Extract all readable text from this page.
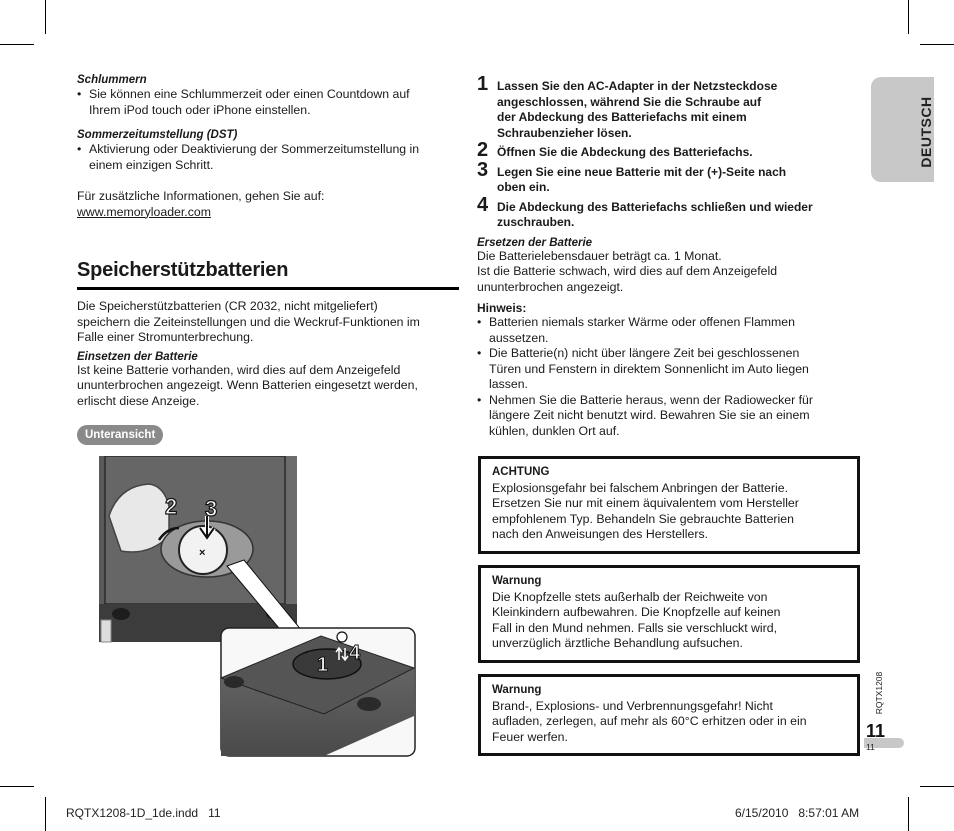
Schlummern
• Sie können eine Schlummerzeit oder einen Countdown auf
Ihrem iPod touch oder iPhone einstellen.
Sommerzeitumstellung (DST)
• Aktivierung oder Deaktivierung der Sommerzeitumstellung in
einem einzigen Schritt.
Für zusätzliche Informationen, gehen Sie auf:
www.memoryloader.com
Speicherstützbatterien
Die Speicherstützbatterien (CR 2032, nicht mitgeliefert)
speichern die Zeiteinstellungen und die Weckruf-Funktionen im
Falle einer Stromunterbrechung.
Einsetzen der Batterie
Ist keine Batterie vorhanden, wird dies auf dem Anzeigefeld
ununterbrochen angezeigt. Wenn Batterien eingesetzt werden,
erlischt diese Anzeige.
Unteransicht
×
2 3
1
4
1 Lassen Sie den AC-Adapter in der Netzsteckdose
angeschlossen, während Sie die Schraube auf
der Abdeckung des Batteriefachs mit einem
Schraubenzieher lösen.
2 Öffnen Sie die Abdeckung des Batteriefachs.
3 Legen Sie eine neue Batterie mit der (+)-Seite nach
oben ein.
4 Die Abdeckung des Batteriefachs schließen und wieder
zuschrauben.
Ersetzen der Batterie
Die Batterielebensdauer beträgt ca. 1 Monat.
Ist die Batterie schwach, wird dies auf dem Anzeigefeld
ununterbrochen angezeigt.
Hinweis:
• Batterien niemals starker Wärme oder offenen Flammen
aussetzen.
• Die Batterie(n) nicht über längere Zeit bei geschlossenen
Türen und Fenstern in direktem Sonnenlicht im Auto liegen
lassen.
• Nehmen Sie die Batterie heraus, wenn der Radiowecker für
längere Zeit nicht benutzt wird. Bewahren Sie sie an einem
kühlen, dunklen Ort auf.
ACHTUNG
Explosionsgefahr bei falschem Anbringen der Batterie.
Ersetzen Sie nur mit einem äquivalentem vom Hersteller
empfohlenem Typ. Behandeln Sie gebrauchte Batterien
nach den Anweisungen des Herstellers.
Warnung
Die Knopfzelle stets außerhalb der Reichweite von
Kleinkindern aufbewahren. Die Knopfzelle auf keinen
Fall in den Mund nehmen. Falls sie verschluckt wird,
unverzüglich ärztliche Behandlung aufsuchen.
Warnung
Brand-, Explosions- und Verbrennungsgefahr! Nicht
aufladen, zerlegen, auf mehr als 60°C erhitzen oder in ein
Feuer werfen.
DEUTSCH
RQTX1208
11
11
RQTX1208-1D_1de.indd   11	6/15/2010   8:57:01 AM
